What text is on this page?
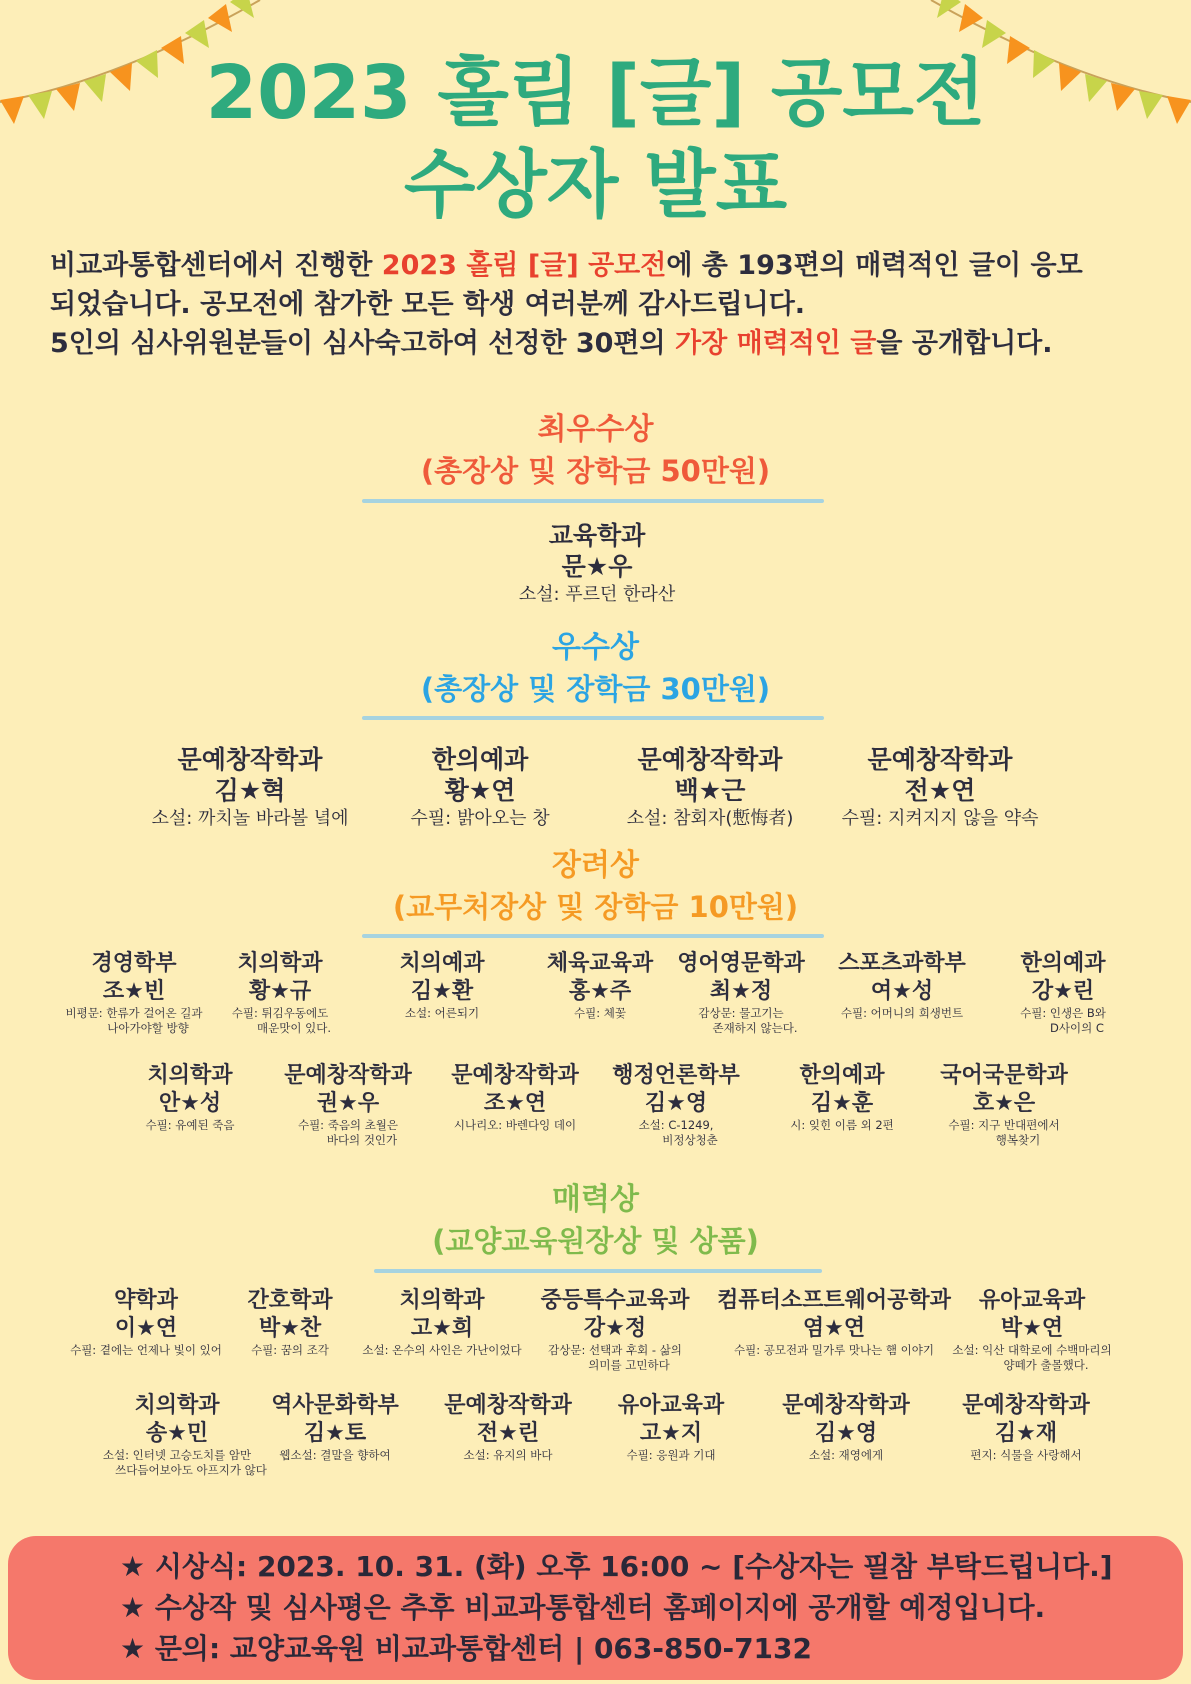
2023 홀림 [글] 공모전
수상자 발표
비교과통합센터에서 진행한 2023 홀림 [글] 공모전에 총 193편의 매력적인 글이 응모
되었습니다. 공모전에 참가한 모든 학생 여러분께 감사드립니다.
5인의 심사위원분들이 심사숙고하여 선정한 30편의 가장 매력적인 글을 공개합니다.
최우수상
(총장상 및 장학금 50만원)
우수상
(총장상 및 장학금 30만원)
장려상
(교무처장상 및 장학금 10만원)
매력상
(교양교육원장상 및 상품)
교육학과
문★우
소설: 푸르던 한라산
문예창작학과
김★혁
소설: 까치놀 바라볼 녘에
한의예과
황★연
수필: 밝아오는 창
문예창작학과
백★근
소설: 참회자(慙悔者)
문예창작학과
전★연
수필: 지켜지지 않을 약속
경영학부
조★빈
비평문: 한류가 걸어온 길과
나아가야할 방향
치의학과
황★규
수필: 튀김우동에도
매운맛이 있다.
치의예과
김★환
소설: 어른되기
체육교육과
홍★주
수필: 체꽃
영어영문학과
최★정
감상문: 물고기는
존재하지 않는다.
스포츠과학부
여★성
수필: 어머니의 희생번트
한의예과
강★린
수필: 인생은 B와
D사이의 C
치의학과
안★성
수필: 유예된 죽음
문예창작학과
권★우
수필: 죽음의 초월은
바다의 것인가
문예창작학과
조★연
시나리오: 바렌다잉 데이
행정언론학부
김★영
소설: C-1249,
비정상청춘
한의예과
김★훈
시: 잊힌 이름 외 2편
국어국문학과
호★은
수필: 지구 반대편에서
행복찾기
약학과
이★연
수필: 곁에는 언제나 빛이 있어
간호학과
박★찬
수필: 꿈의 조각
치의학과
고★희
소설: 온수의 사인은 가난이었다
중등특수교육과
강★정
감상문: 선택과 후회 - 삶의
의미를 고민하다
컴퓨터소프트웨어공학과
염★연
수필: 공모전과 밀가루 맛나는 햄 이야기
유아교육과
박★연
소설: 익산 대학로에 수백마리의
양떼가 출몰했다.
치의학과
송★민
소설: 인터넷 고승도치를 암만
쓰다듬어보아도 아프지가 않다
역사문화학부
김★토
웹소설: 결말을 향하여
문예창작학과
전★린
소설: 유지의 바다
유아교육과
고★지
수필: 응원과 기대
문예창작학과
김★영
소설: 재영에게
문예창작학과
김★재
편지: 식물을 사랑해서
★ 시상식: 2023. 10. 31. (화) 오후 16:00 ~ [수상자는 필참 부탁드립니다.]
★ 수상작 및 심사평은 추후 비교과통합센터 홈페이지에 공개할 예정입니다.
★ 문의: 교양교육원 비교과통합센터 | 063-850-7132
